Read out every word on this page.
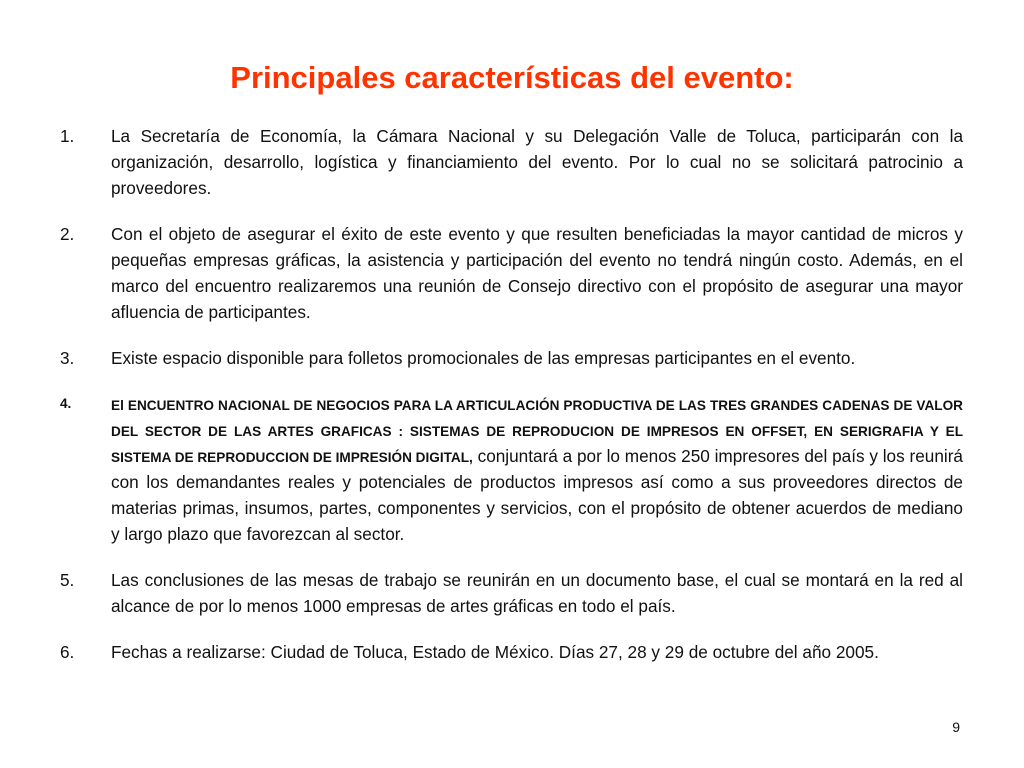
Principales características del evento:
1. La Secretaría de Economía, la Cámara Nacional y su Delegación Valle de Toluca, participarán con la organización, desarrollo, logística y financiamiento del evento. Por lo cual no se solicitará patrocinio a proveedores.
2. Con el objeto de asegurar el éxito de este evento y que resulten beneficiadas la mayor cantidad de micros y pequeñas empresas gráficas, la asistencia y participación del evento no tendrá ningún costo. Además, en el marco del encuentro realizaremos una reunión de Consejo directivo con el propósito de asegurar una mayor afluencia de participantes.
3. Existe espacio disponible para folletos promocionales de las empresas participantes en el evento.
4.	El ENCUENTRO NACIONAL DE NEGOCIOS PARA LA ARTICULACIÓN PRODUCTIVA DE LAS TRES GRANDES CADENAS DE VALOR DEL SECTOR DE LAS ARTES GRAFICAS : SISTEMAS DE REPRODUCION DE IMPRESOS EN OFFSET, EN SERIGRAFIA Y EL SISTEMA DE REPRODUCCION DE IMPRESIÓN DIGITAL, conjuntará a por lo menos 250 impresores del país y los reunirá con los demandantes reales y potenciales de productos impresos así como a sus proveedores directos de materias primas, insumos, partes, componentes y servicios, con el propósito de obtener acuerdos de mediano y largo plazo que favorezcan al sector.
5. Las conclusiones de las mesas de trabajo se reunirán en un documento base, el cual se montará en la red al alcance de por lo menos 1000 empresas de artes gráficas en todo el país.
6. Fechas a realizarse: Ciudad de Toluca, Estado de México. Días 27, 28 y 29 de octubre del año 2005.
9
